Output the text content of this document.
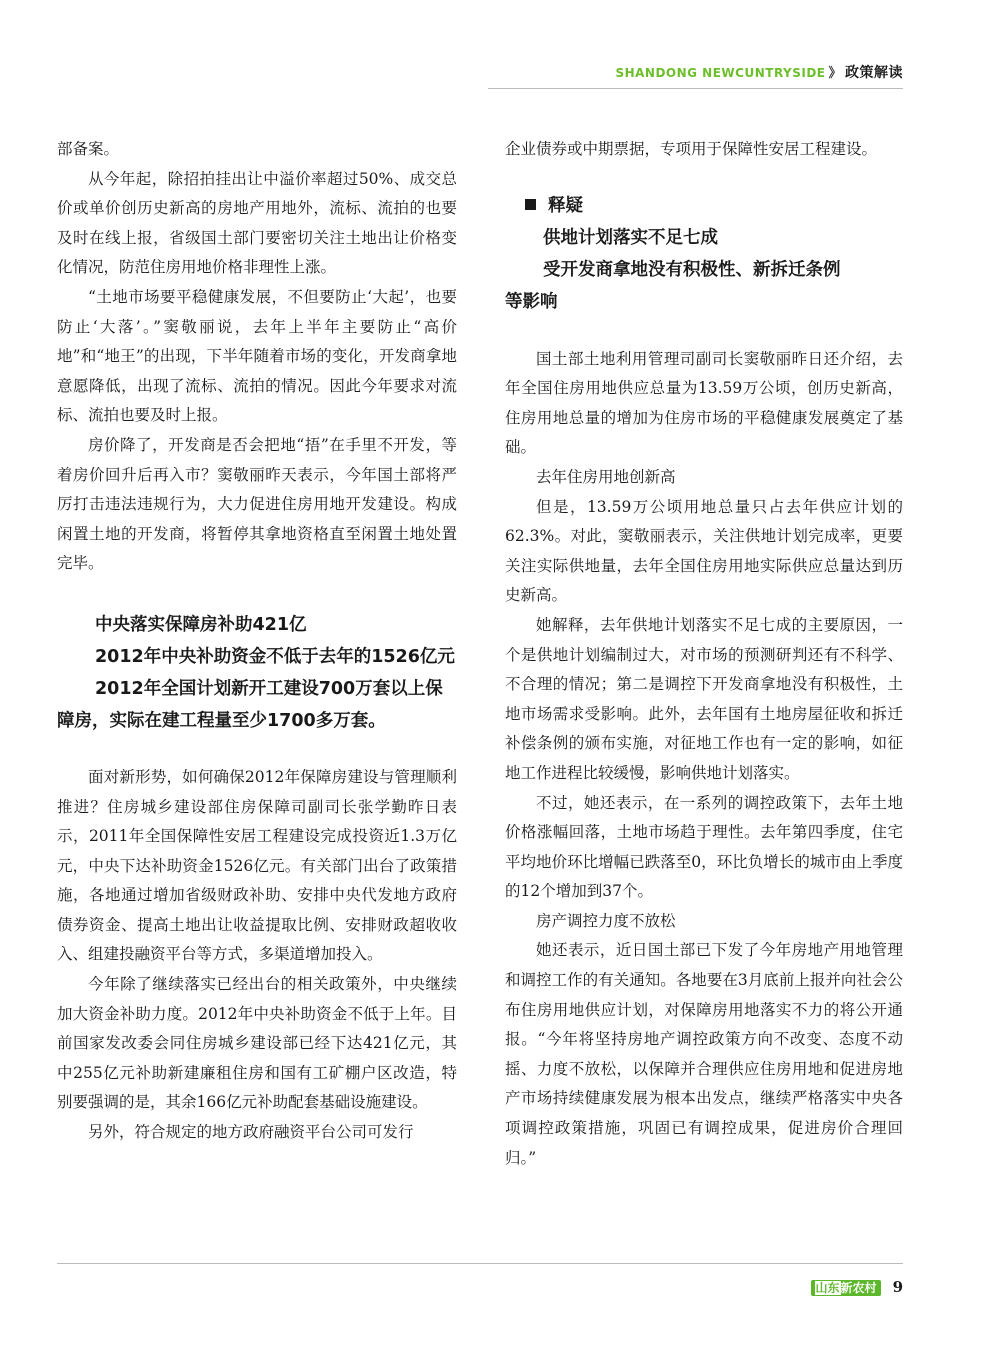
SHANDONG NEWCUNTRYSIDE 》 政策解读

部备案。

从今年起，除招拍挂出让中溢价率超过50%、成交总价或单价创历史新高的房地产用地外，流标、流拍的也要及时在线上报，省级国土部门要密切关注土地出让价格变化情况，防范住房用地价格非理性上涨。

“土地市场要平稳健康发展，不但要防止‘大起’，也要防止‘大落’。”窦敬丽说，去年上半年主要防止“高价地”和“地王”的出现，下半年随着市场的变化，开发商拿地意愿降低，出现了流标、流拍的情况。因此今年要求对流标、流拍也要及时上报。

房价降了，开发商是否会把地“捂”在手里不开发，等着房价回升后再入市？窦敬丽昨天表示，今年国土部将严厉打击违法违规行为，大力促进住房用地开发建设。构成闲置土地的开发商，将暂停其拿地资格直至闲置土地处置完毕。

中央落实保障房补助421亿
2012年中央补助资金不低于去年的1526亿元
2012年全国计划新开工建设700万套以上保
障房，实际在建工程量至少1700多万套。

面对新形势，如何确保2012年保障房建设与管理顺利推进？住房城乡建设部住房保障司副司长张学勤昨日表示，2011年全国保障性安居工程建设完成投资近1.3万亿元，中央下达补助资金1526亿元。有关部门出台了政策措施，各地通过增加省级财政补助、安排中央代发地方政府债券资金、提高土地出让收益提取比例、安排财政超收收入、组建投融资平台等方式，多渠道增加投入。

今年除了继续落实已经出台的相关政策外，中央继续加大资金补助力度。2012年中央补助资金不低于上年。目前国家发改委会同住房城乡建设部已经下达421亿元，其中255亿元补助新建廉租住房和国有工矿棚户区改造，特别要强调的是，其余166亿元补助配套基础设施建设。

另外，符合规定的地方政府融资平台公司可发行

企业债券或中期票据，专项用于保障性安居工程建设。

释疑
供地计划落实不足七成
受开发商拿地没有积极性、新拆迁条例
等影响

国土部土地利用管理司副司长窦敬丽昨日还介绍，去年全国住房用地供应总量为13.59万公顷，创历史新高，住房用地总量的增加为住房市场的平稳健康发展奠定了基础。

去年住房用地创新高

但是，13.59万公顷用地总量只占去年供应计划的62.3%。对此，窦敬丽表示，关注供地计划完成率，更要关注实际供地量，去年全国住房用地实际供应总量达到历史新高。

她解释，去年供地计划落实不足七成的主要原因，一个是供地计划编制过大，对市场的预测研判还有不科学、不合理的情况；第二是调控下开发商拿地没有积极性，土地市场需求受影响。此外，去年国有土地房屋征收和拆迁补偿条例的颁布实施，对征地工作也有一定的影响，如征地工作进程比较缓慢，影响供地计划落实。

不过，她还表示，在一系列的调控政策下，去年土地价格涨幅回落，土地市场趋于理性。去年第四季度，住宅平均地价环比增幅已跌落至0，环比负增长的城市由上季度的12个增加到37个。

房产调控力度不放松

她还表示，近日国土部已下发了今年房地产用地管理和调控工作的有关通知。各地要在3月底前上报并向社会公布住房用地供应计划，对保障房用地落实不力的将公开通报。“今年将坚持房地产调控政策方向不改变、态度不动摇、力度不放松，以保障并合理供应住房用地和促进房地产市场持续健康发展为根本出发点，继续严格落实中央各项调控政策措施，巩固已有调控成果，促进房价合理回归。”

山东新农村 9
